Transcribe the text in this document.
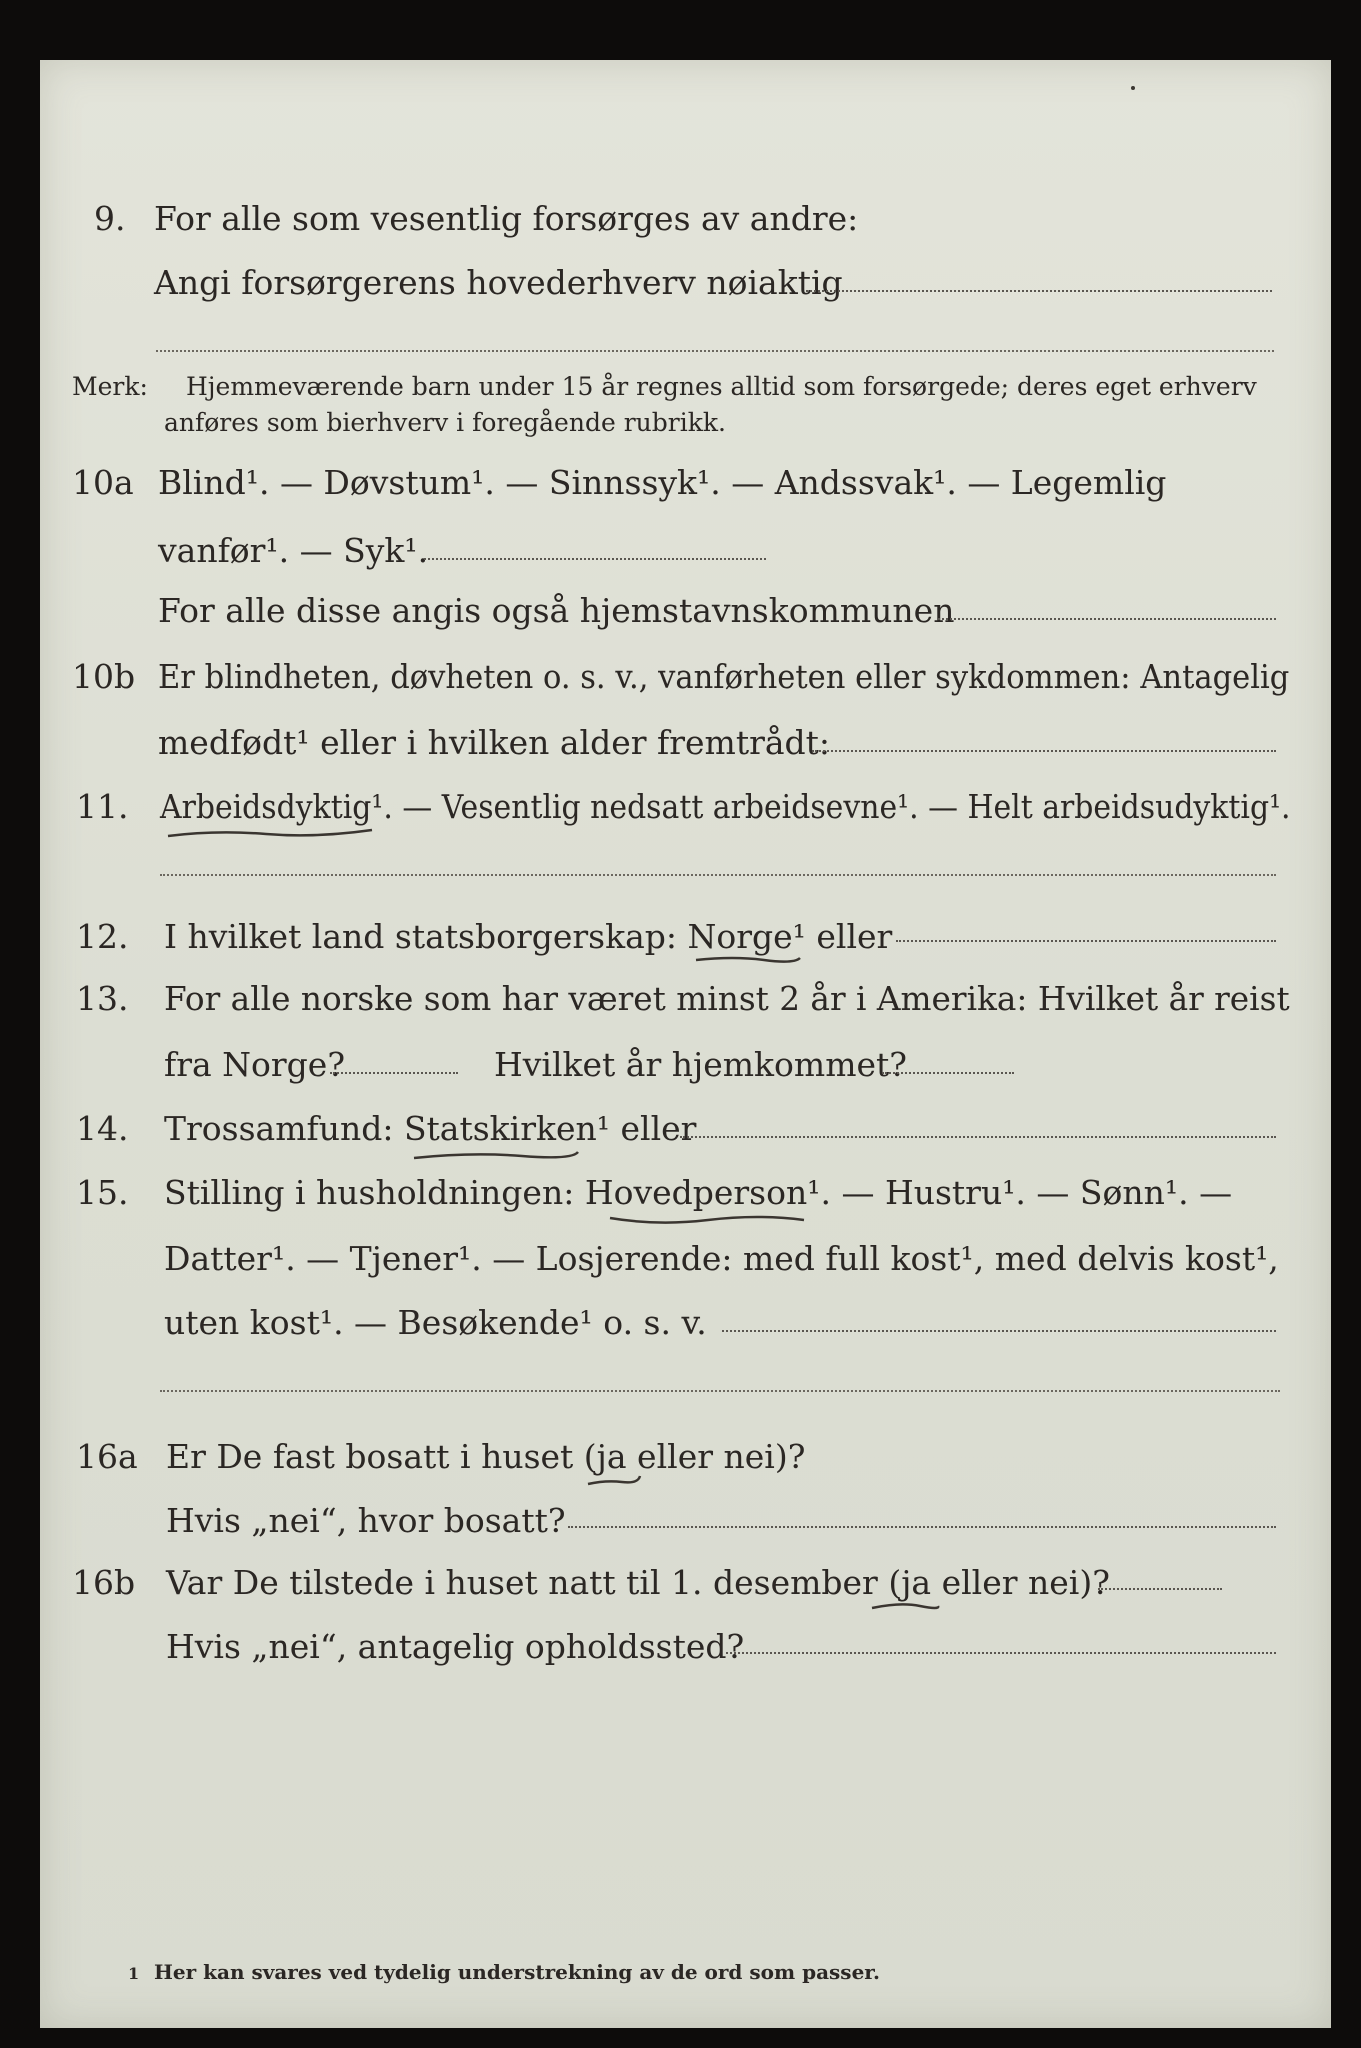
9. For alle som vesentlig forsørges av andre:
Angi forsørgerens hovederhverv nøiaktig
Merk: Hjemmeværende barn under 15 år regnes alltid som forsørgede; deres eget erhverv
anføres som bierhverv i foregående rubrikk.
10a Blind¹. — Døvstum¹. — Sinnssyk¹. — Andssvak¹. — Legemlig
vanfør¹. — Syk¹.
For alle disse angis også hjemstavnskommunen
10b Er blindheten, døvheten o. s. v., vanførheten eller sykdommen: Antagelig
medfødt¹ eller i hvilken alder fremtrådt:
11. Arbeidsdyktig¹. — Vesentlig nedsatt arbeidsevne¹. — Helt arbeidsudyktig¹.
12. I hvilket land statsborgerskap: Norge¹ eller
13. For alle norske som har været minst 2 år i Amerika: Hvilket år reist
fra Norge?	Hvilket år hjemkommet?
14. Trossamfund: Statskirken¹ eller
15. Stilling i husholdningen: Hovedperson¹. — Hustru¹. — Sønn¹. —
Datter¹. — Tjener¹. — Losjerende: med full kost¹, med delvis kost¹,
uten kost¹. — Besøkende¹ o. s. v.
16a Er De fast bosatt i huset (ja eller nei)?
Hvis „nei“, hvor bosatt?
16b Var De tilstede i huset natt til 1. desember (ja eller nei)?
Hvis „nei“, antagelig opholdssted?
1 Her kan svares ved tydelig understrekning av de ord som passer.
